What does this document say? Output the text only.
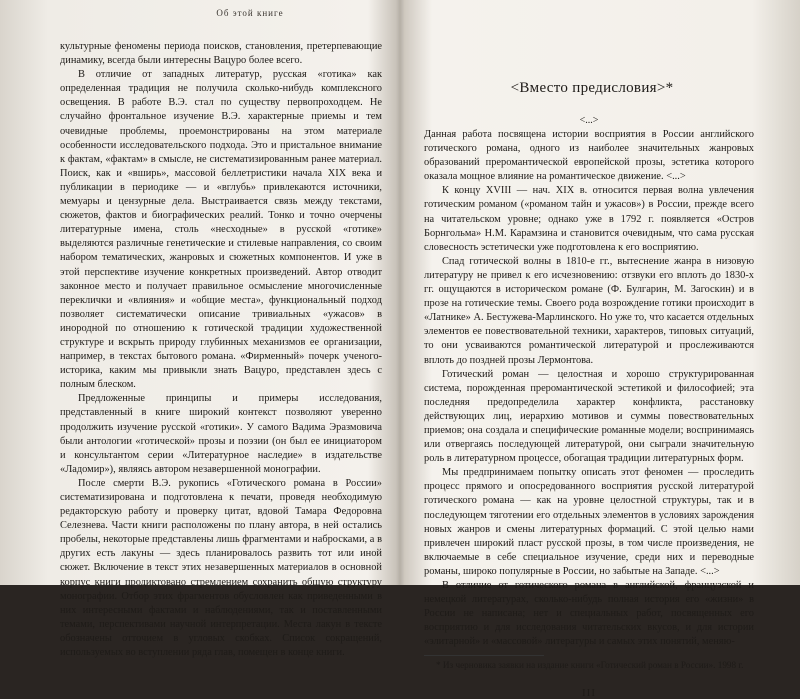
Об этой книге

культурные феномены периода поисков, становления, претерпевающие динамику, всегда были интересны Вацуро более всего.

В отличие от западных литератур, русская «готика» как определенная традиция не получила сколько-нибудь комплексного освещения. В работе В.Э. стал по существу первопроходцем. Не случайно фронтальное изучение В.Э. характерные приемы и тем очевидные проблемы, проемонстрированы на этом материале особенности исследовательского подхода. Это и пристальное внимание к фактам, «фактам» в смысле, не систематизированным ранее материал. Поиск, как и «вширь», массовой беллетристики начала XIX века и публикации в периодике — и «вглубь» привлекаются источники, мемуары и цензурные дела. Выстраивается связь между текстами, сюжетов, фактов и биографических реалий. Тонко и точно очерчены литературные имена, столь «несходные» в русской «готике» выделяются различные генетические и стилевые направления, со своим набором тематических, жанровых и сюжетных компонентов. И уже в этой перспективе изучение конкретных произведений. Автор отводит законное место и получает правильное осмысление многочисленные переклички и «влияния» и «общие места», функциональный подход позволяет систематически описание тривиальных «ужасов» в инородной по отношению к готической традиции художественной структуре и вскрыть природу глубинных механизмов ее организации, например, в текстах бытового романа. «Фирменный» почерк ученого-историка, каким мы привыкли знать Вацуро, представлен здесь с полным блеском.

Предложенные принципы и примеры исследования, представленный в книге широкий контекст позволяют уверенно продолжить изучение русской «готики». У самого Вадима Эразмовича были антологии «готической» прозы и поэзии (он был ее инициатором и консультантом серии «Литературное наследие» в издательстве «Ладомир»), являясь автором незавершенной монографии.

После смерти В.Э. рукопись «Готического романа в России» систематизирована и подготовлена к печати, проведя необходимую редакторскую работу и проверку цитат, вдовой Тамара Федоровна Селезнева. Части книги расположены по плану автора, в ней остались пробелы, некоторые представлены лишь фрагментами и набросками, а в других есть лакуны — здесь планировалось развить тот или иной сюжет. Включение в текст этих незавершенных материалов в основной корпус книги продиктовано стремлением сохранить общую структуру монографии. Отбор этих фрагментов обусловлен как приведенными в них интересными фактами и наблюдениями, так и поставленными темами, перспективами научной интерпретации. Места лакун в тексте обозначены отточием в угловых скобках. Список сокращений, используемых во вступлении ряда глав, помещен в конце книги.

<Вместо предисловия>*
<...>

Данная работа посвящена истории восприятия в России английского готического романа, одного из наиболее значительных жанровых образований преромантической европейской прозы, эстетика которого оказала мощное влияние на романтическое движение. <...>

К концу XVIII — нач. XIX в. относится первая волна увлечения готическим романом («романом тайн и ужасов») в России, прежде всего на читательском уровне; однако уже в 1792 г. появляется «Остров Борнгольма» Н.М. Карамзина и становится очевидным, что сама русская словесность эстетически уже подготовлена к его восприятию.

Спад готической волны в 1810-е гг., вытеснение жанра в низовую литературу не привел к его исчезновению: отзвуки его вплоть до 1830-х гг. ощущаются в историческом романе (Ф. Булгарин, М. Загоскин) и в прозе на готические темы. Своего рода возрождение готики происходит в «Латнике» А. Бестужева-Марлинского. Но уже то, что касается отдельных элементов ее повествовательной техники, характеров, типовых ситуаций, то они усваиваются романтической литературой и прослеживаются вплоть до поздней прозы Лермонтова.

Готический роман — целостная и хорошо структурированная система, порожденная преромантической эстетикой и философией; эта последняя предопределила характер конфликта, расстановку действующих лиц, иерархию мотивов и суммы повествовательных приемов; она создала и специфические романные модели; воспринимаясь или отвергаясь последующей литературой, они сыграли значительную роль в литературном процессе, обогащая традиции литературных форм.

Мы предпринимаем попытку описать этот феномен — проследить процесс прямого и опосредованного восприятия русской литературой готического романа — как на уровне целостной структуры, так и в последующем тяготении его отдельных элементов в условиях зарождения новых жанров и смены литературных формаций. С этой целью нами привлечен широкий пласт русской прозы, в том числе произведения, не включаемые в себе специальное изучение, среди них и переводные романы, широко популярные в России, но забытые на Западе. <...>

В отличие от готического романа в английской, французской и немецкой литературах, сколько-нибудь полная история его «жизни» в России не написана; нет и специальных работ, посвященных его восприятию и для исследования читательских вкусов, и для истории «элитарной» и «массовой» литературы и самых этих понятий, меняю-

* Из черновика заявки на издание книги «Готический роман в России». 1998 г.
III
